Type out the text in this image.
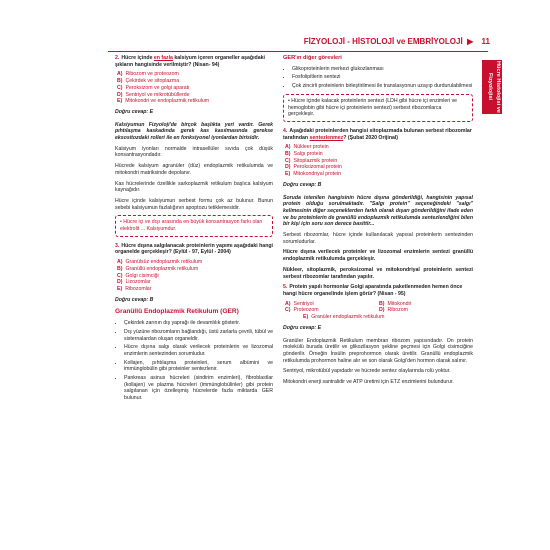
FİZYOLOJİ - HİSTOLOJİ ve EMBRİYOLOJİ ▶ 11
Hücre Histolojisi ve Fizyolojisi
2. Hücre içinde en fazla kalsiyum içeren organeller aşağıdaki şıkların hangisinde verilmiştir? (Nisan- 94)
A) Ribozom ve proteozom
B) Çekirdek ve sitoplazma
C) Peroksizom ve golgi aparatı
D) Sentriyol ve mikrotübüllerde
E) Mitokondri ve endoplazmik retikulum
Doğru cevap: E

Kalsiyumun Fizyoloji'de birçok başlıkta yeri vardır. Gerek pıhtılaşma kaskadında gerek kas kasılmasında gerekse eksositozdaki rolleri ile en fonksiyonel iyonlardan birisidir.

Kalsiyum iyonları normalde intrasellüler sıvıda çok düşük konsantrasyondadır.

Hücrede kalsiyum agranüler (düz) endoplazmik retikulumda ve mitokondri matriksinde depolanır.

Kas hücrelerinde özellikle sarkoplazmik retikulum başlıca kalsiyum kaynağıdır.

Hücre içinde kalsiyumun serbest formu çok az bulunur. Bunun sebebi kalsiyumun fazlalığının apoptozu tetiklemesidir.

• Hücre içi ve dışı arasında en büyük konsantrasyon farkı olan elektrolit ... Kalsiyumdur.
3. Hücre dışına salgılanacak proteinlerin yapımı aşağıdaki hangi organelde gerçekleşir? (Eylül - 97, Eylül - 2004)
A) Granülsüz endoplazmik retikulum
B) Granüllü endoplazmik retikulum
C) Golgi cisimciği
D) Lizozomlar
E) Ribozomlar
Doğru cevap: B
Granüllü Endoplazmik Retikulum (GER)
• Çekirdek zarının dış yaprağı ile devamlılık gösterir.
• Dış yüzüne ribozomların bağlandığı, üstü zarlarla çevrili, tübül ve sisternalardan oluşan organeldir.
• Hücre dışına salgı olarak verilecek proteinlerin ve lizozomal enzimlerin sentezinden sorumludur.
• Kollajen, pıhtılaşma proteinleri, serum albümini ve immünglobülin gibi proteinler sentezlenir.
• Pankreas asinus hücreleri (sindirim enzimleri), fibroblastlar (kollajen) ve plazma hücreleri (immünglobülinler) gibi protein salgılanan için özelleşmiş hücrelerde fazla miktarda GER bulunur.
GER'ın diğer görevleri
• Glikoproteinlerin merkezi glukozlanması
• Fosfolipitlerin sentezi
• Çok zincirli proteinlerin birleştirilmesi ile translasyonun uzayıp durdurulabilmesi
• Hücre içinde kalacak proteinlerin sentezi (LDH gibi hücre içi enzimleri ve hemoglobin gibi hücre içi proteinlerin sentezi) serbest ribozomlarca gerçekleşir.
4. Aşağıdaki proteinlerden hangisi sitoplazmada bulunan serbest ribozomlar tarafından sentezlenmez? (Şubat 2020 Orijinal)
A) Nükleer protein
B) Salgı protein
C) Sitoplazmik protein
D) Peroksizomal protein
E) Mitokondriyal protein
Doğru cevap: B

Soruda istenilen hangisinin hücre dışına gönderildiği, hangisinin yapısal protein olduğu sorulmaktadır. "Salgı protein" seçeneğindeki "salgı" kelimesinin diğer seçeneklerden farklı olarak dışarı gönderildiğini ifade eden ve bu proteinlerin de granüllü endoplazmik retikulumda sentezlendiğini bilen bir kişi için soru son derece basittir...

Serbest ribozomlar, hücre içinde kullanılacak yapısal proteinlerin sentezinden sorumludurlar.

Hücre dışına verilecek proteinler ve lizozomal enzimlerin sentezi granüllü endoplazmik retikulumda gerçekleşir.

Nükleer, sitoplazmik, peroksizomal ve mitokondriyal proteinlerin sentezi serbest ribozomlar tarafından yapılır.

5. Protein yapılı hormonlar Golgi aparatında paketlenmeden hemen önce hangi hücre organelinde işlem görür? (Nisan - 95)
A) Sentriyol	B) Mitokondri
C) Proteozom	D) Ribozom
E) Granüler endoplazmik retikulum
Doğru cevap: E

Granüler Endoplazmik Retikulum membran ribozom yapısındadır. On protein molekülü burada üretilir ve glikozilasyon şekline geçmesi için Golgi cisimciğine gönderilir. Örneğin İnsülin preprohormon olarak üretilir. Granüllü endoplazmik retikulumda prohormon haline alır ve son olarak Golgi'den hormon olarak salınır.

Sentriyol, mikrotübül yapıdadır ve hücrede sentez olaylarında rolü yoktur.

Mitokondri enerji santralidir ve ATP üretimi için ETZ enzimlerini bulundurur.
